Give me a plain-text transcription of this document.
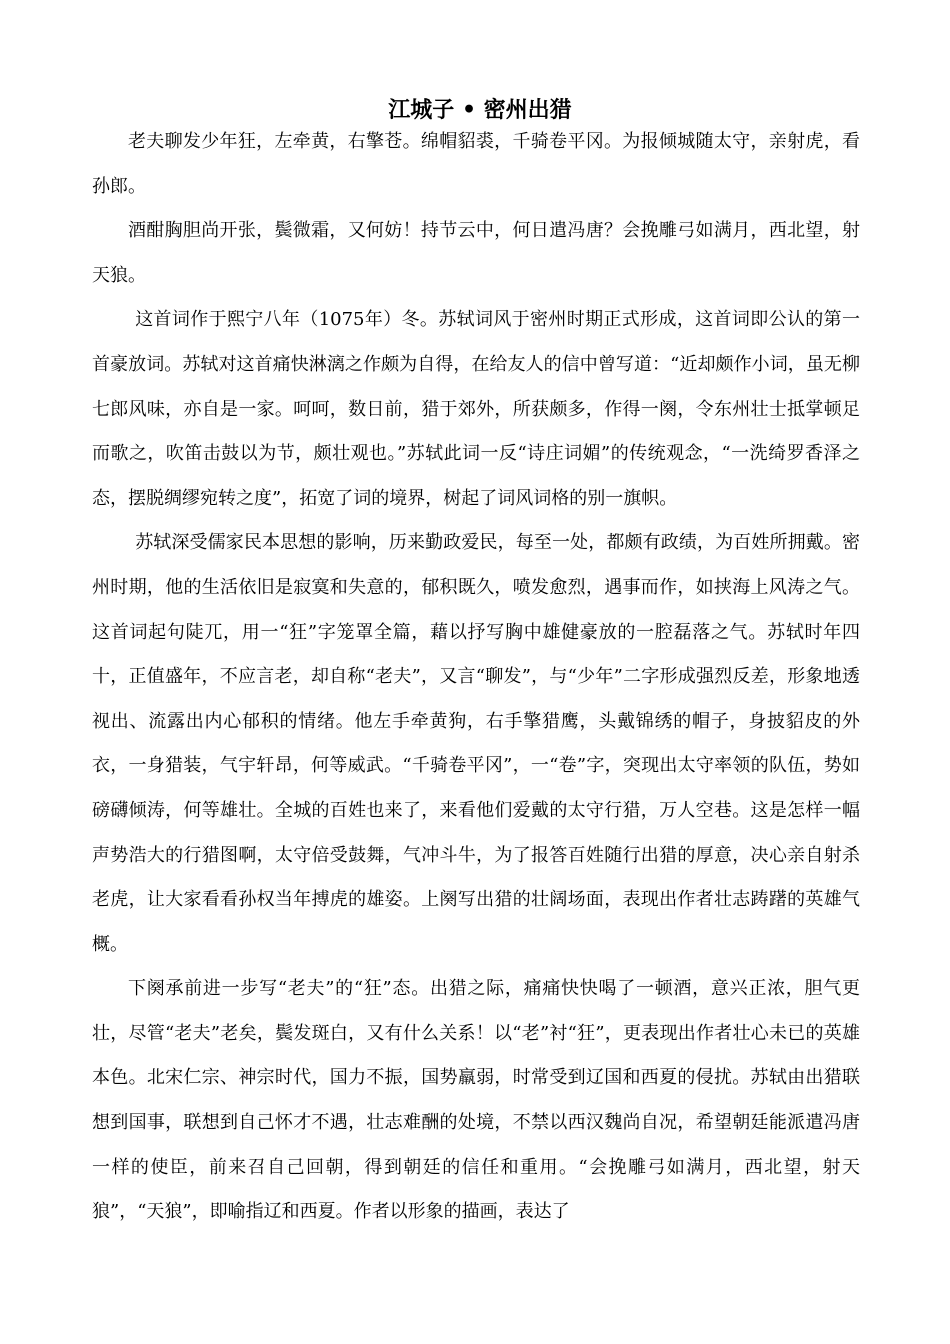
江城子 • 密州出猎

老夫聊发少年狂，左牵黄，右擎苍。绵帽貂裘，千骑卷平冈。为报倾城随太守，亲射虎，看孙郎。

酒酣胸胆尚开张，鬓微霜，又何妨！持节云中，何日遣冯唐？会挽雕弓如满月，西北望，射天狼。

这首词作于熙宁八年（1075年）冬。苏轼词风于密州时期正式形成，这首词即公认的第一首豪放词。苏轼对这首痛快淋漓之作颇为自得，在给友人的信中曾写道：“近却颇作小词，虽无柳七郎风味，亦自是一家。呵呵，数日前，猎于郊外，所获颇多，作得一阕，令东州壮士抵掌顿足而歌之，吹笛击鼓以为节，颇壮观也。”苏轼此词一反“诗庄词媚”的传统观念，“一洗绮罗香泽之态，摆脱绸缪宛转之度”，拓宽了词的境界，树起了词风词格的别一旗帜。

苏轼深受儒家民本思想的影响，历来勤政爱民，每至一处，都颇有政绩，为百姓所拥戴。密州时期，他的生活依旧是寂寞和失意的，郁积既久，喷发愈烈，遇事而作，如挟海上风涛之气。这首词起句陡兀，用一“狂”字笼罩全篇，藉以抒写胸中雄健豪放的一腔磊落之气。苏轼时年四十，正值盛年，不应言老，却自称“老夫”，又言“聊发”，与“少年”二字形成强烈反差，形象地透视出、流露出内心郁积的情绪。他左手牵黄狗，右手擎猎鹰，头戴锦绣的帽子，身披貂皮的外衣，一身猎装，气宇轩昂，何等威武。“千骑卷平冈”，一“卷”字，突现出太守率领的队伍，势如磅礴倾涛，何等雄壮。全城的百姓也来了，来看他们爱戴的太守行猎，万人空巷。这是怎样一幅声势浩大的行猎图啊，太守倍受鼓舞，气冲斗牛，为了报答百姓随行出猎的厚意，决心亲自射杀老虎，让大家看看孙权当年搏虎的雄姿。上阕写出猎的壮阔场面，表现出作者壮志踌躇的英雄气概。

下阕承前进一步写“老夫”的“狂”态。出猎之际，痛痛快快喝了一顿酒，意兴正浓，胆气更壮，尽管“老夫”老矣，鬓发斑白，又有什么关系！以“老”衬“狂”，更表现出作者壮心未已的英雄本色。北宋仁宗、神宗时代，国力不振，国势羸弱，时常受到辽国和西夏的侵扰。苏轼由出猎联想到国事，联想到自己怀才不遇，壮志难酬的处境，不禁以西汉魏尚自况，希望朝廷能派遣冯唐一样的使臣，前来召自己回朝，得到朝廷的信任和重用。“会挽雕弓如满月，西北望，射天狼”，“天狼”，即喻指辽和西夏。作者以形象的描画，表达了
